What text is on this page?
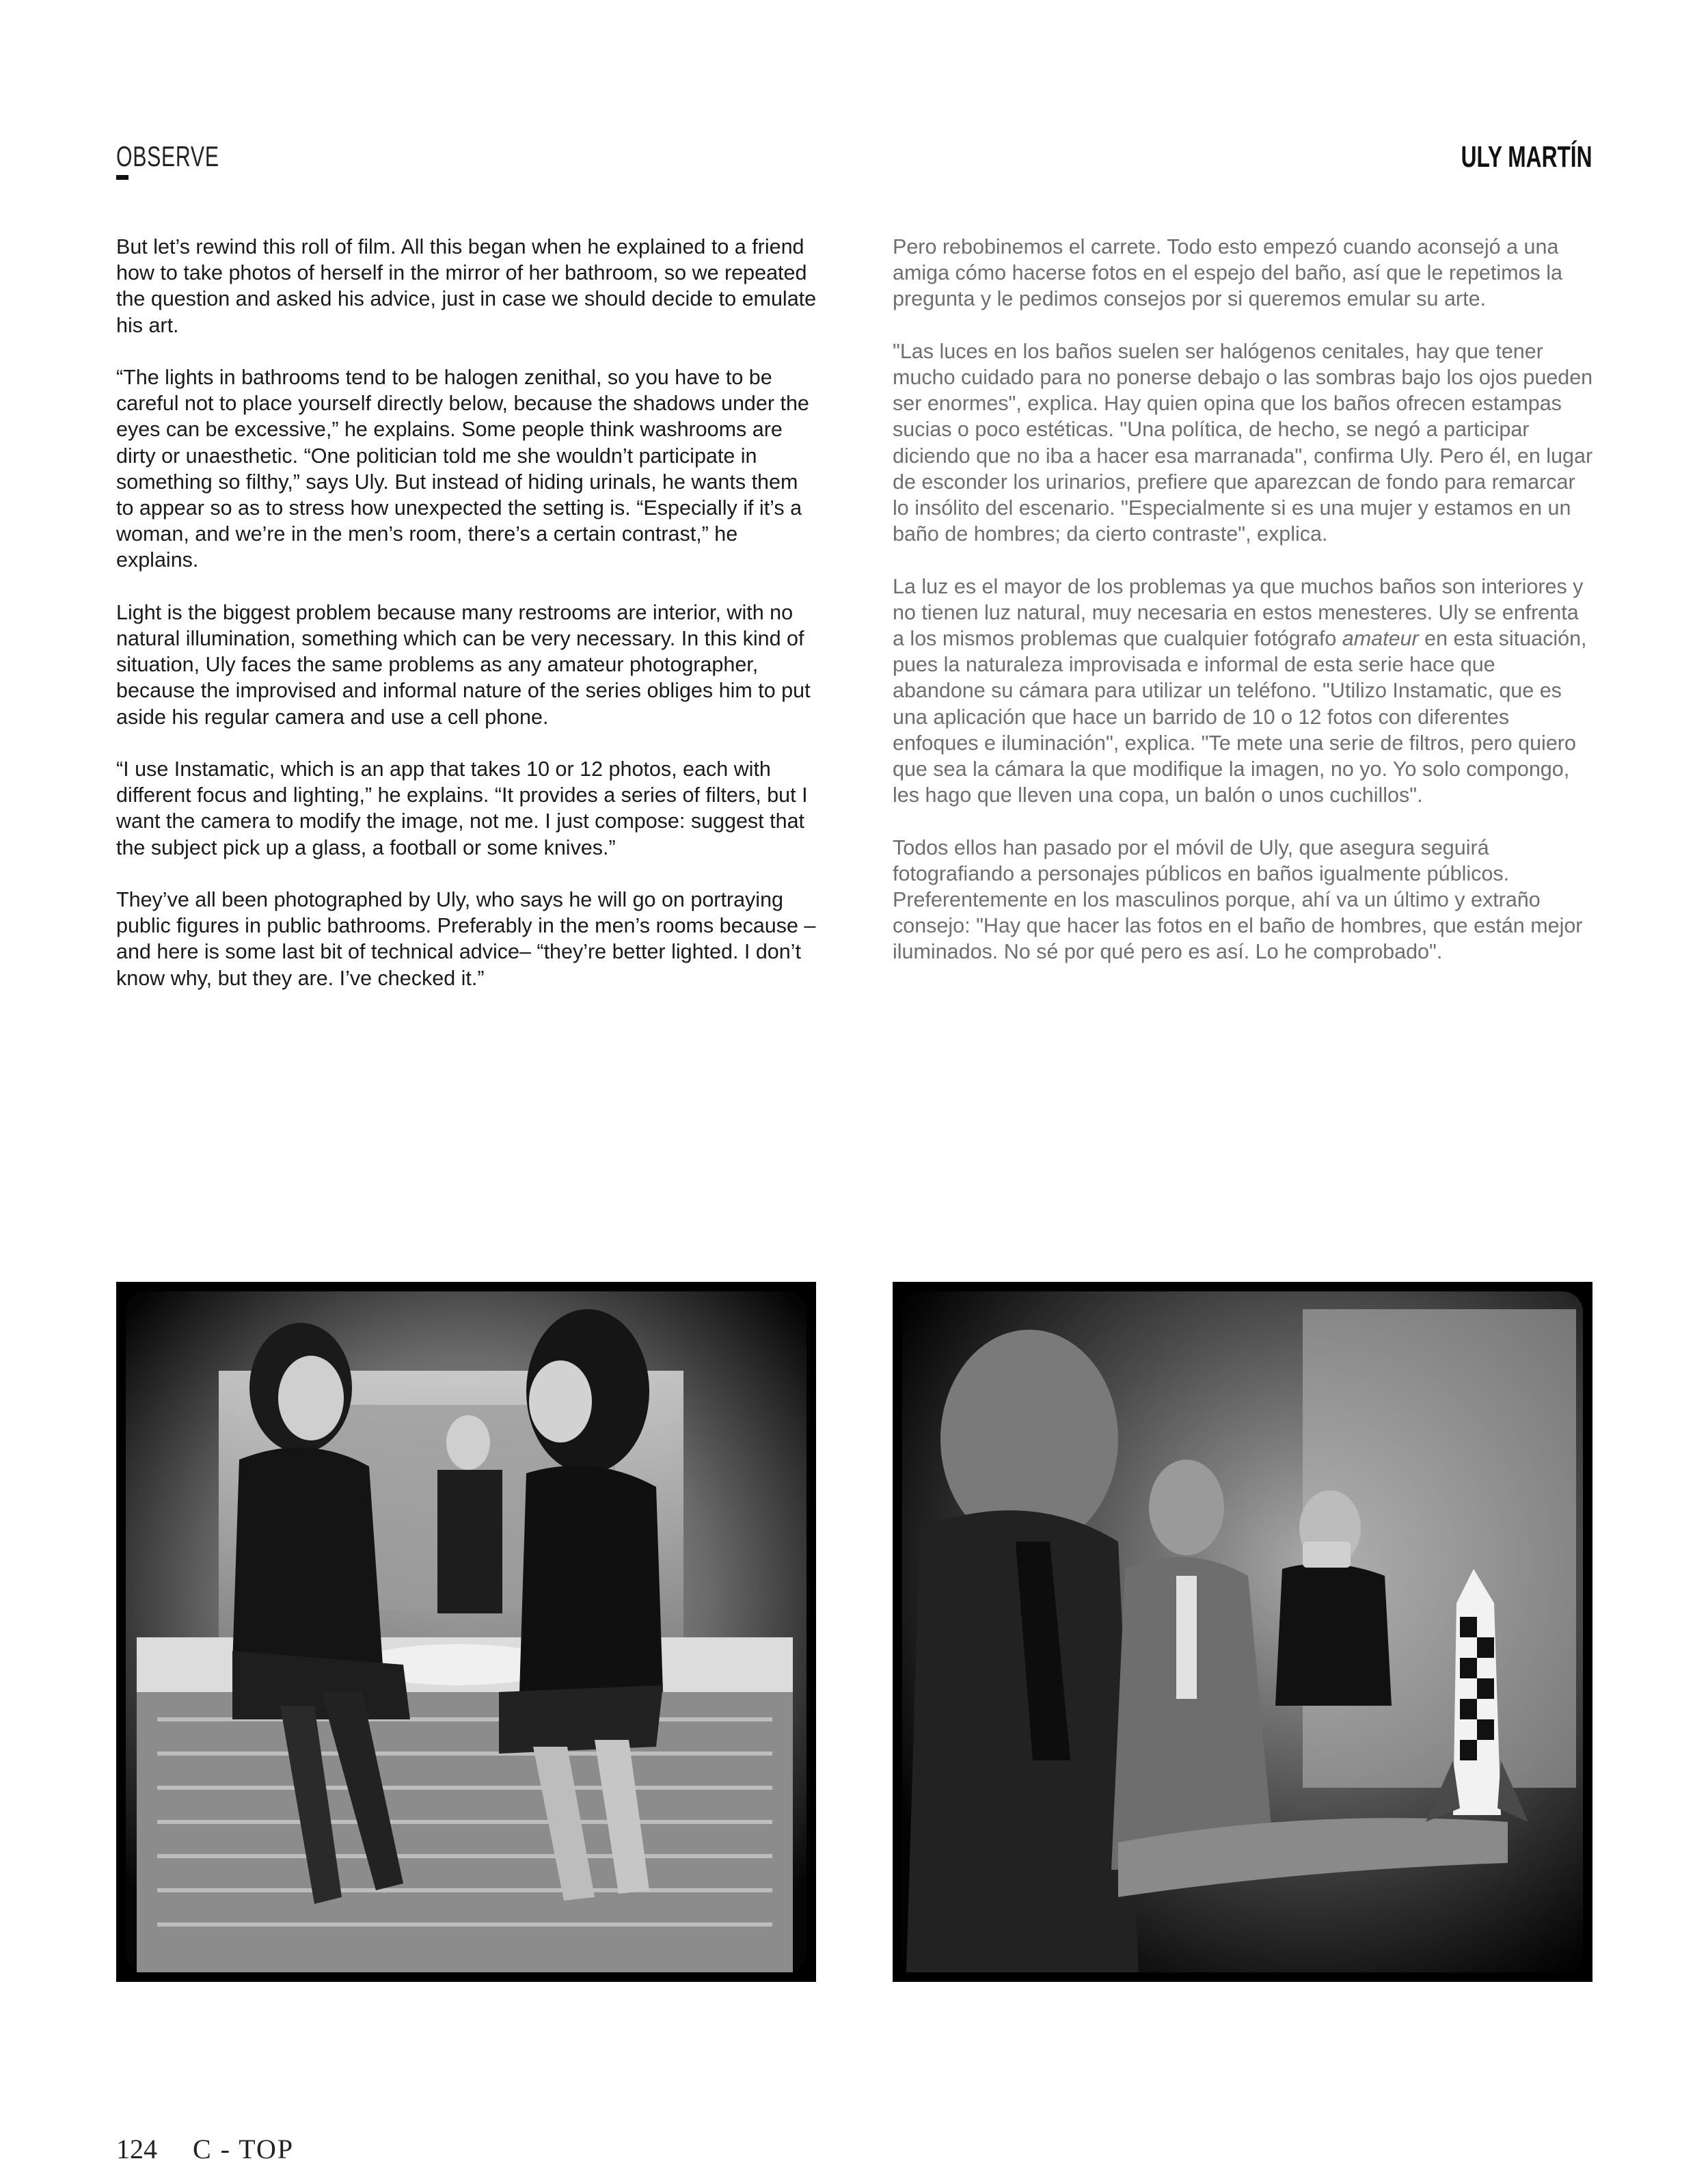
OBSERVE	ULY MARTÍN

But let’s rewind this roll of film. All this began when he explained to a friend how to take photos of herself in the mirror of her bathroom, so we repeated the question and asked his advice, just in case we should decide to emulate his art.

“The lights in bathrooms tend to be halogen zenithal, so you have to be careful not to place yourself directly below, because the shadows under the eyes can be excessive,” he explains. Some people think washrooms are dirty or unaesthetic. “One politician told me she wouldn’t participate in something so filthy,” says Uly. But instead of hiding urinals, he wants them to appear so as to stress how unexpected the setting is. “Especially if it’s a woman, and we’re in the men’s room, there’s a certain contrast,” he explains.

Light is the biggest problem because many restrooms are interior, with no natural illumination, something which can be very necessary. In this kind of situation, Uly faces the same problems as any amateur photographer, because the improvised and informal nature of the series obliges him to put aside his regular camera and use a cell phone.

“I use Instamatic, which is an app that takes 10 or 12 photos, each with different focus and lighting,” he explains. “It provides a series of filters, but I want the camera to modify the image, not me. I just compose: suggest that the subject pick up a glass, a football or some knives.”

They’ve all been photographed by Uly, who says he will go on portraying public figures in public bathrooms. Preferably in the men’s rooms because –and here is some last bit of technical advice– “they’re better lighted. I don’t know why, but they are. I’ve checked it.”

Pero rebobinemos el carrete. Todo esto empezó cuando aconsejó a una amiga cómo hacerse fotos en el espejo del baño, así que le repetimos la pregunta y le pedimos consejos por si queremos emular su arte.

"Las luces en los baños suelen ser halógenos cenitales, hay que tener mucho cuidado para no ponerse debajo o las sombras bajo los ojos pueden ser enormes", explica. Hay quien opina que los baños ofrecen estampas sucias o poco estéticas. "Una política, de hecho, se negó a participar diciendo que no iba a hacer esa marranada", confirma Uly. Pero él, en lugar de esconder los urinarios, prefiere que aparezcan de fondo para remarcar lo insólito del escenario. "Especialmente si es una mujer y estamos en un baño de hombres; da cierto contraste", explica.

La luz es el mayor de los problemas ya que muchos baños son interiores y no tienen luz natural, muy necesaria en estos menesteres. Uly se enfrenta a los mismos problemas que cualquier fotógrafo amateur en esta situación, pues la naturaleza improvisada e informal de esta serie hace que abandone su cámara para utilizar un teléfono. "Utilizo Instamatic, que es una aplicación que hace un barrido de 10 o 12 fotos con diferentes enfoques e iluminación", explica. "Te mete una serie de filtros, pero quiero que sea la cámara la que modifique la imagen, no yo. Yo solo compongo, les hago que lleven una copa, un balón o unos cuchillos".

Todos ellos han pasado por el móvil de Uly, que asegura seguirá fotografiando a personajes públicos en baños igualmente públicos. Preferentemente en los masculinos porque, ahí va un último y extraño consejo: "Hay que hacer las fotos en el baño de hombres, que están mejor iluminados. No sé por qué pero es así. Lo he comprobado".

124 C - TOP
